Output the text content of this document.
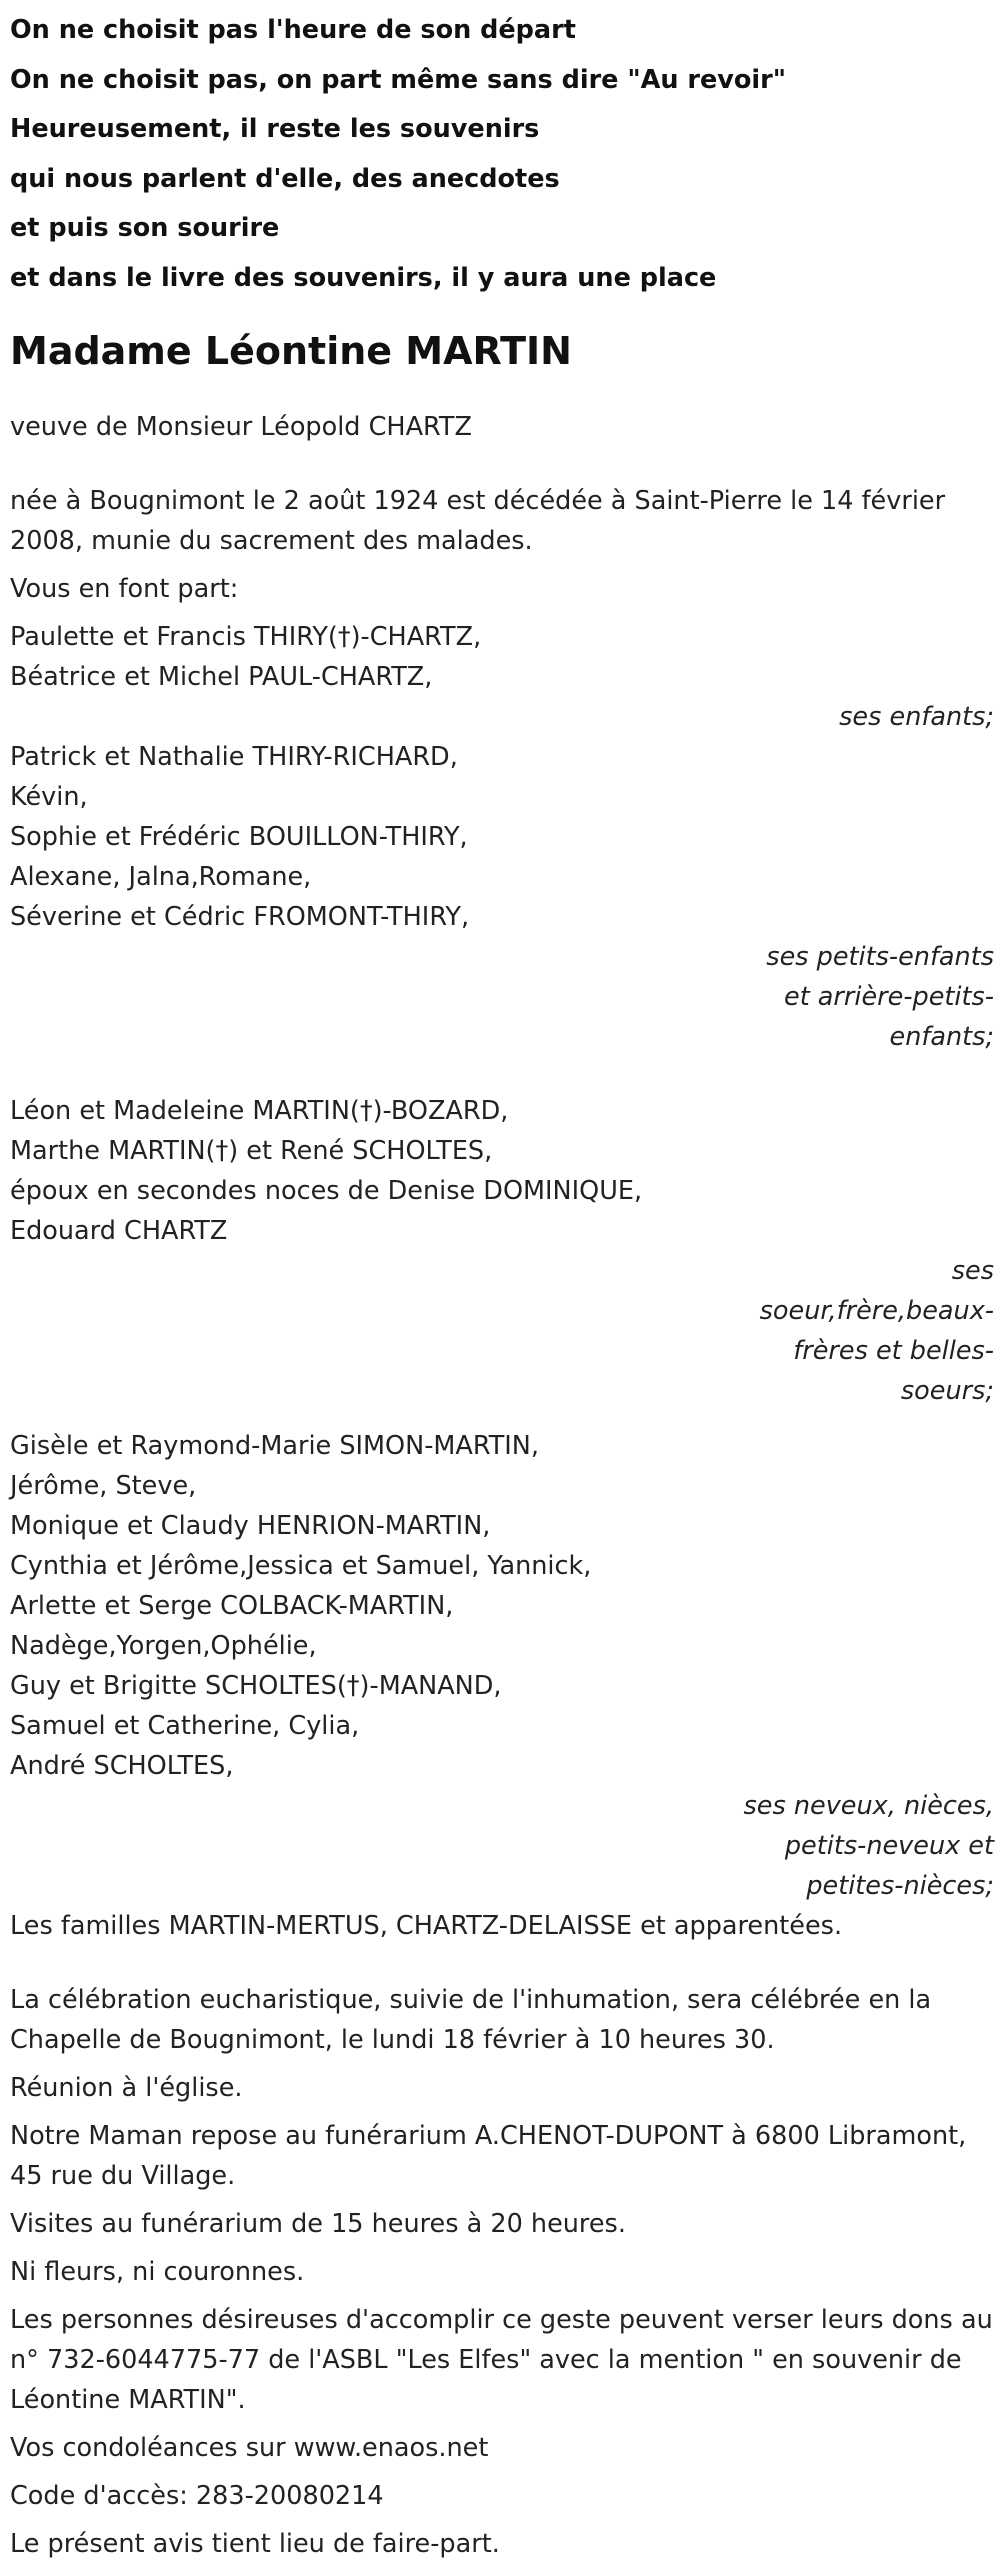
On ne choisit pas l'heure de son départ
On ne choisit pas, on part même sans dire "Au revoir"
Heureusement, il reste les souvenirs
qui nous parlent d'elle, des anecdotes
et puis son sourire
et dans le livre des souvenirs, il y aura une place
Madame Léontine MARTIN
veuve de Monsieur Léopold CHARTZ
née à Bougnimont le 2 août 1924 est décédée à Saint-Pierre le 14 février 2008, munie du sacrement des malades.
Vous en font part:
Paulette et Francis THIRY(†)-CHARTZ,
Béatrice et Michel PAUL-CHARTZ,
ses enfants;
Patrick et Nathalie THIRY-RICHARD,
Kévin,
Sophie et Frédéric BOUILLON-THIRY,
Alexane, Jalna,Romane,
Séverine et Cédric FROMONT-THIRY,
ses petits-enfants
et arrière-petits-
enfants;
Léon et Madeleine MARTIN(†)-BOZARD,
Marthe MARTIN(†) et René SCHOLTES,
époux en secondes noces de Denise DOMINIQUE,
Edouard CHARTZ
ses
soeur,frère,beaux-
frères et belles-
soeurs;
Gisèle et Raymond-Marie SIMON-MARTIN,
Jérôme, Steve,
Monique et Claudy HENRION-MARTIN,
Cynthia et Jérôme,Jessica et Samuel, Yannick,
Arlette et Serge COLBACK-MARTIN,
Nadège,Yorgen,Ophélie,
Guy et Brigitte SCHOLTES(†)-MANAND,
Samuel et Catherine, Cylia,
André SCHOLTES,
ses neveux, nièces,
petits-neveux et
petites-nièces;
Les familles MARTIN-MERTUS, CHARTZ-DELAISSE et apparentées.
La célébration eucharistique, suivie de l'inhumation, sera célébrée en la Chapelle de Bougnimont, le lundi 18 février à 10 heures 30.
Réunion à l'église.
Notre Maman repose au funérarium A.CHENOT-DUPONT à 6800 Libramont, 45 rue du Village.
Visites au funérarium de 15 heures à 20 heures.
Ni fleurs, ni couronnes.
Les personnes désireuses d'accomplir ce geste peuvent verser leurs dons au n° 732-6044775-77 de l'ASBL "Les Elfes" avec la mention " en souvenir de Léontine MARTIN".
Vos condoléances sur www.enaos.net
Code d'accès: 283-20080214
Le présent avis tient lieu de faire-part.
